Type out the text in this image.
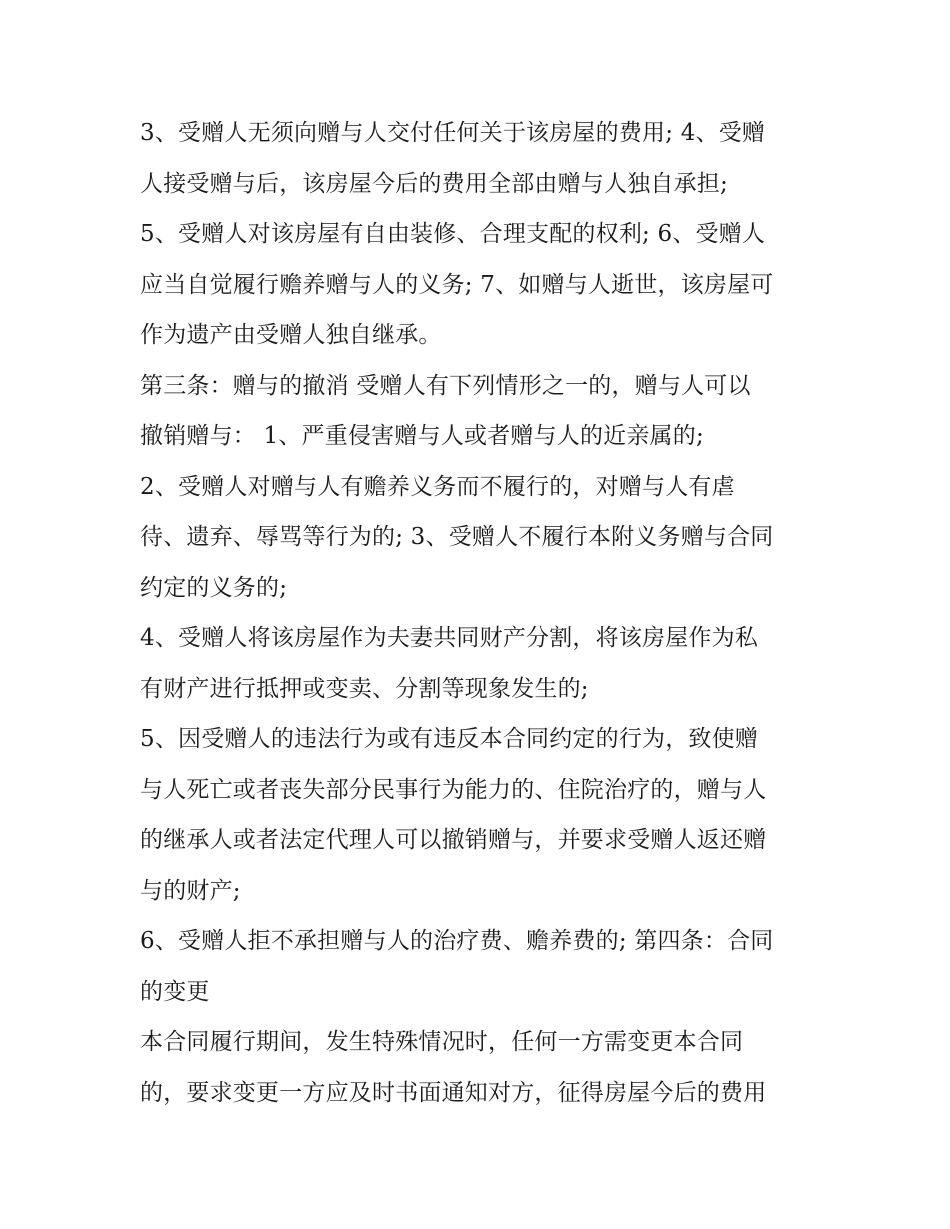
3、受赠人无须向赠与人交付任何关于该房屋的费用; 4、受赠
人接受赠与后，该房屋今后的费用全部由赠与人独自承担;
5、受赠人对该房屋有自由装修、合理支配的权利; 6、受赠人
应当自觉履行赡养赠与人的义务; 7、如赠与人逝世，该房屋可
作为遗产由受赠人独自继承。
第三条：赠与的撤消 受赠人有下列情形之一的，赠与人可以
撤销赠与： 1、严重侵害赠与人或者赠与人的近亲属的;
2、受赠人对赠与人有赡养义务而不履行的，对赠与人有虐
待、遗弃、辱骂等行为的; 3、受赠人不履行本附义务赠与合同
约定的义务的;
4、受赠人将该房屋作为夫妻共同财产分割，将该房屋作为私
有财产进行抵押或变卖、分割等现象发生的;
5、因受赠人的违法行为或有违反本合同约定的行为，致使赠
与人死亡或者丧失部分民事行为能力的、住院治疗的，赠与人
的继承人或者法定代理人可以撤销赠与，并要求受赠人返还赠
与的财产;
6、受赠人拒不承担赠与人的治疗费、赡养费的; 第四条：合同
的变更
本合同履行期间，发生特殊情况时，任何一方需变更本合同
的，要求变更一方应及时书面通知对方，征得房屋今后的费用
